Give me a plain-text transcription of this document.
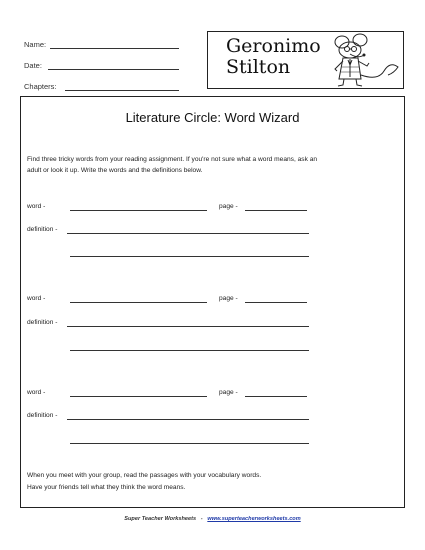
Name:
Date:
Chapters:
Geronimo
Stilton
Literature Circle: Word Wizard
Find three tricky words from your reading assignment. If you're not sure what a word means, ask an
adult or look it up. Write the words and the definitions below.
word -	page -
definition -
word -	page -
definition -
word -	page -
definition -
When you meet with your group, read the passages with your vocabulary words.
Have your friends tell what they think the word means.
Super Teacher Worksheets - www.superteacherworksheets.com
